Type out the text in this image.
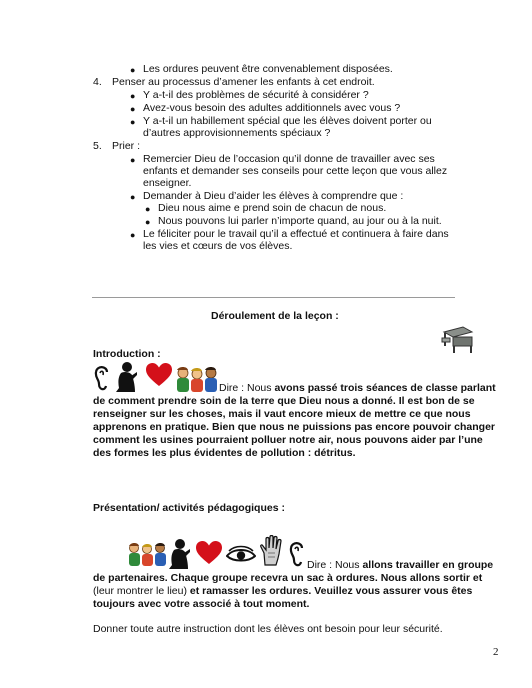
● Les ordures peuvent être convenablement disposées.
4. Penser au processus d’amener les enfants à cet endroit.
● Y a-t-il des problèmes de sécurité à considérer ?
● Avez-vous besoin des adultes additionnels avec vous ?
● Y a-t-il un habillement spécial que les élèves doivent porter ou
d’autres approvisionnements spéciaux ?
5. Prier :
● Remercier Dieu de l’occasion qu’il donne de travailler avec ses
enfants et demander ses conseils pour cette leçon que vous allez
enseigner.
● Demander à Dieu d’aider les élèves à comprendre que :
● Dieu nous aime e prend soin de chacun de nous.
● Nous pouvons lui parler n’importe quand, au jour ou à la nuit.
● Le féliciter pour le travail qu’il a effectué et continuera à faire dans
les vies et cœurs de vos élèves.
Déroulement de la leçon :
Introduction :
Dire : Nous avons passé trois séances de classe parlant
de comment prendre soin de la terre que Dieu nous a donné. Il est bon de se
renseigner sur les choses, mais il vaut encore mieux de mettre ce que nous
apprenons en pratique. Bien que nous ne puissions pas encore pouvoir changer
comment les usines pourraient polluer notre air, nous pouvons aider par l’une
des formes les plus évidentes de pollution : détritus.
Présentation/ activités pédagogiques :
Dire : Nous allons travailler en groupe
de partenaires. Chaque groupe recevra un sac à ordures. Nous allons sortir et
(leur montrer le lieu) et ramasser les ordures. Veuillez vous assurer vous êtes
toujours avec votre associé à tout moment.
Donner toute autre instruction dont les élèves ont besoin pour leur sécurité.
2
